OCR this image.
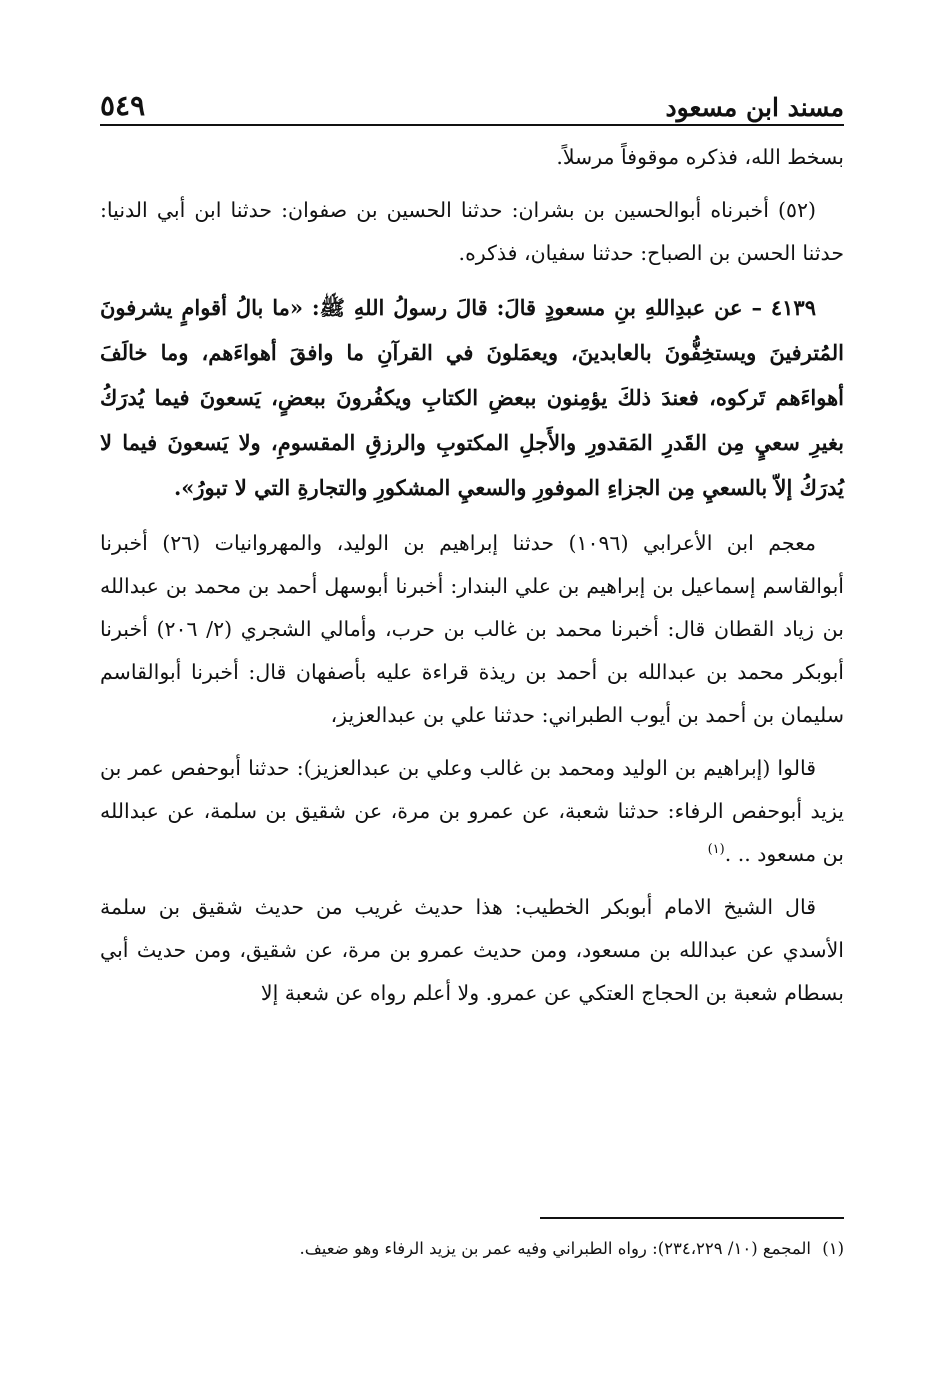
مسند ابن مسعود
٥٤٩

بسخط الله، فذكره موقوفاً مرسلاً.

(٥٢) أخبرناه أبوالحسين بن بشران: حدثنا الحسين بن صفوان: حدثنا ابن أبي الدنيا: حدثنا الحسن بن الصباح: حدثنا سفيان، فذكره.

٤١٣٩ – عن عبدِاللهِ بنِ مسعودٍ قالَ: قالَ رسولُ اللهِ ﷺ: «ما بالُ أقوامٍ يشرفونَ المُترفينَ ويستخِفُّونَ بالعابدينَ، ويعمَلونَ في القرآنِ ما وافقَ أهواءَهم، وما خالَفَ أهواءَهم تَركوه، فعندَ ذلكَ يؤمِنون ببعضِ الكتابِ ويكفُرونَ ببعضٍ، يَسعونَ فيما يُدرَكُ بغيرِ سعيٍ مِن القَدرِ المَقدورِ والأَجلِ المكتوبِ والرزقِ المقسومِ، ولا يَسعونَ فيما لا يُدرَكُ إلاّ بالسعيِ مِن الجزاءِ الموفورِ والسعيِ المشكورِ والتجارةِ التي لا تبورُ».

معجم ابن الأعرابي (١٠٩٦) حدثنا إبراهيم بن الوليد، والمهروانيات (٢٦) أخبرنا أبوالقاسم إسماعيل بن إبراهيم بن علي البندار: أخبرنا أبوسهل أحمد بن محمد بن عبدالله بن زياد القطان قال: أخبرنا محمد بن غالب بن حرب، وأمالي الشجري (٢/ ٢٠٦) أخبرنا أبوبكر محمد بن عبدالله بن أحمد بن ريذة قراءة عليه بأصفهان قال: أخبرنا أبوالقاسم سليمان بن أحمد بن أيوب الطبراني: حدثنا علي بن عبدالعزيز،

قالوا (إبراهيم بن الوليد ومحمد بن غالب وعلي بن عبدالعزيز): حدثنا أبوحفص عمر بن يزيد أبوحفص الرفاء: حدثنا شعبة، عن عمرو بن مرة، عن شقيق بن سلمة، عن عبدالله بن مسعود .. .$^{(١)}$

قال الشيخ الامام أبوبكر الخطيب: هذا حديث غريب من حديث شقيق بن سلمة الأسدي عن عبدالله بن مسعود، ومن حديث عمرو بن مرة، عن شقيق، ومن حديث أبي بسطام شعبة بن الحجاج العتكي عن عمرو. ولا أعلم رواه عن شعبة إلا

(١) المجمع (١٠/ ٢٣٤،٢٢٩): رواه الطبراني وفيه عمر بن يزيد الرفاء وهو ضعيف.
